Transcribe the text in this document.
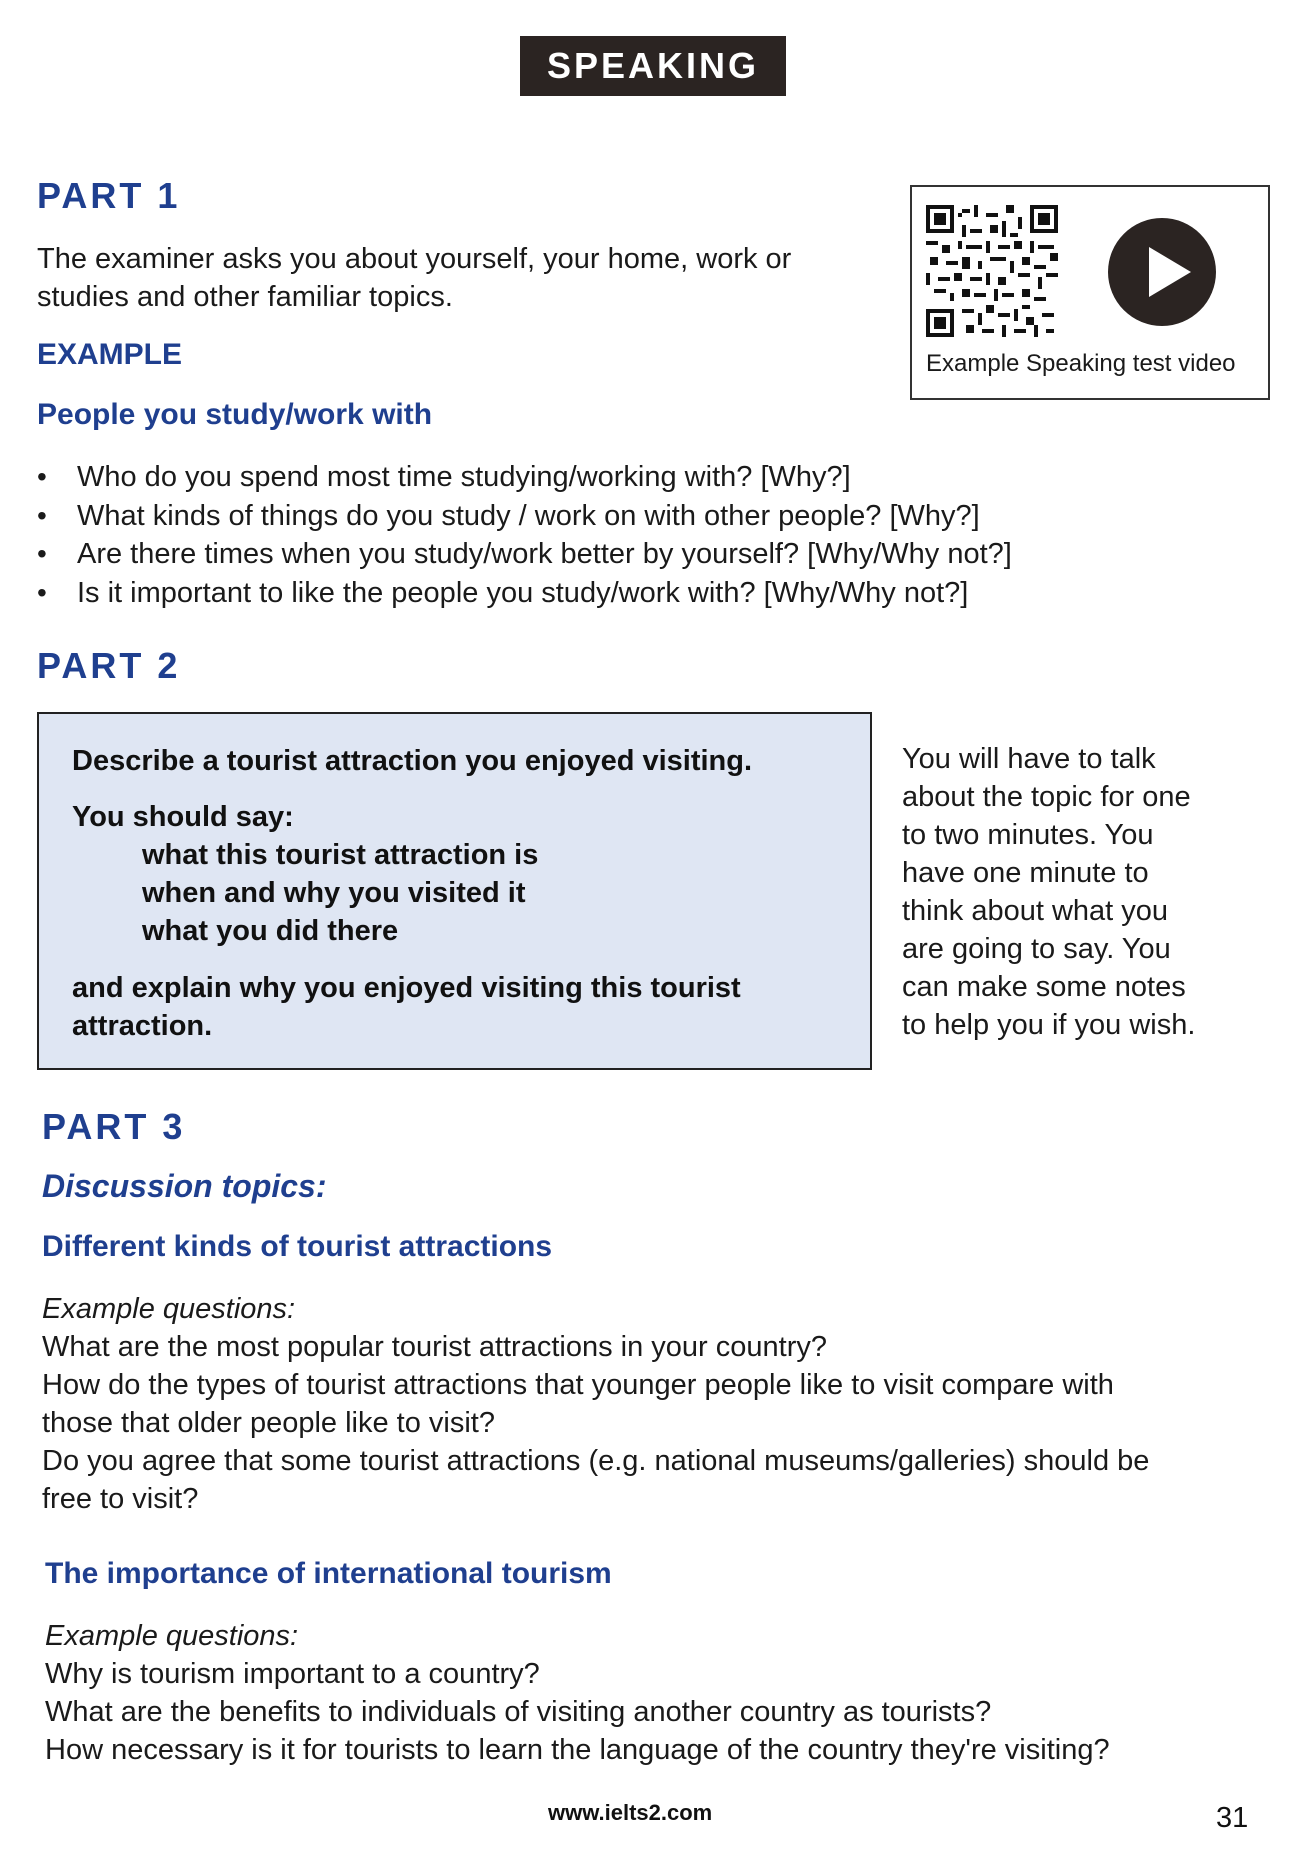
SPEAKING
PART 1
The examiner asks you about yourself, your home, work or
studies and other familiar topics.
EXAMPLE
People you study/work with
• Who do you spend most time studying/working with? [Why?]
• What kinds of things do you study / work on with other people? [Why?]
• Are there times when you study/work better by yourself? [Why/Why not?]
• Is it important to like the people you study/work with? [Why/Why not?]
Example Speaking test video
PART 2
Describe a tourist attraction you enjoyed visiting.
You should say:
what this tourist attraction is
when and why you visited it
what you did there
and explain why you enjoyed visiting this tourist
attraction.
You will have to talk
about the topic for one
to two minutes. You
have one minute to
think about what you
are going to say. You
can make some notes
to help you if you wish.
PART 3
Discussion topics:
Different kinds of tourist attractions
Example questions:
What are the most popular tourist attractions in your country?
How do the types of tourist attractions that younger people like to visit compare with
those that older people like to visit?
Do you agree that some tourist attractions (e.g. national museums/galleries) should be
free to visit?
The importance of international tourism
Example questions:
Why is tourism important to a country?
What are the benefits to individuals of visiting another country as tourists?
How necessary is it for tourists to learn the language of the country they're visiting?
www.ielts2.com	31
